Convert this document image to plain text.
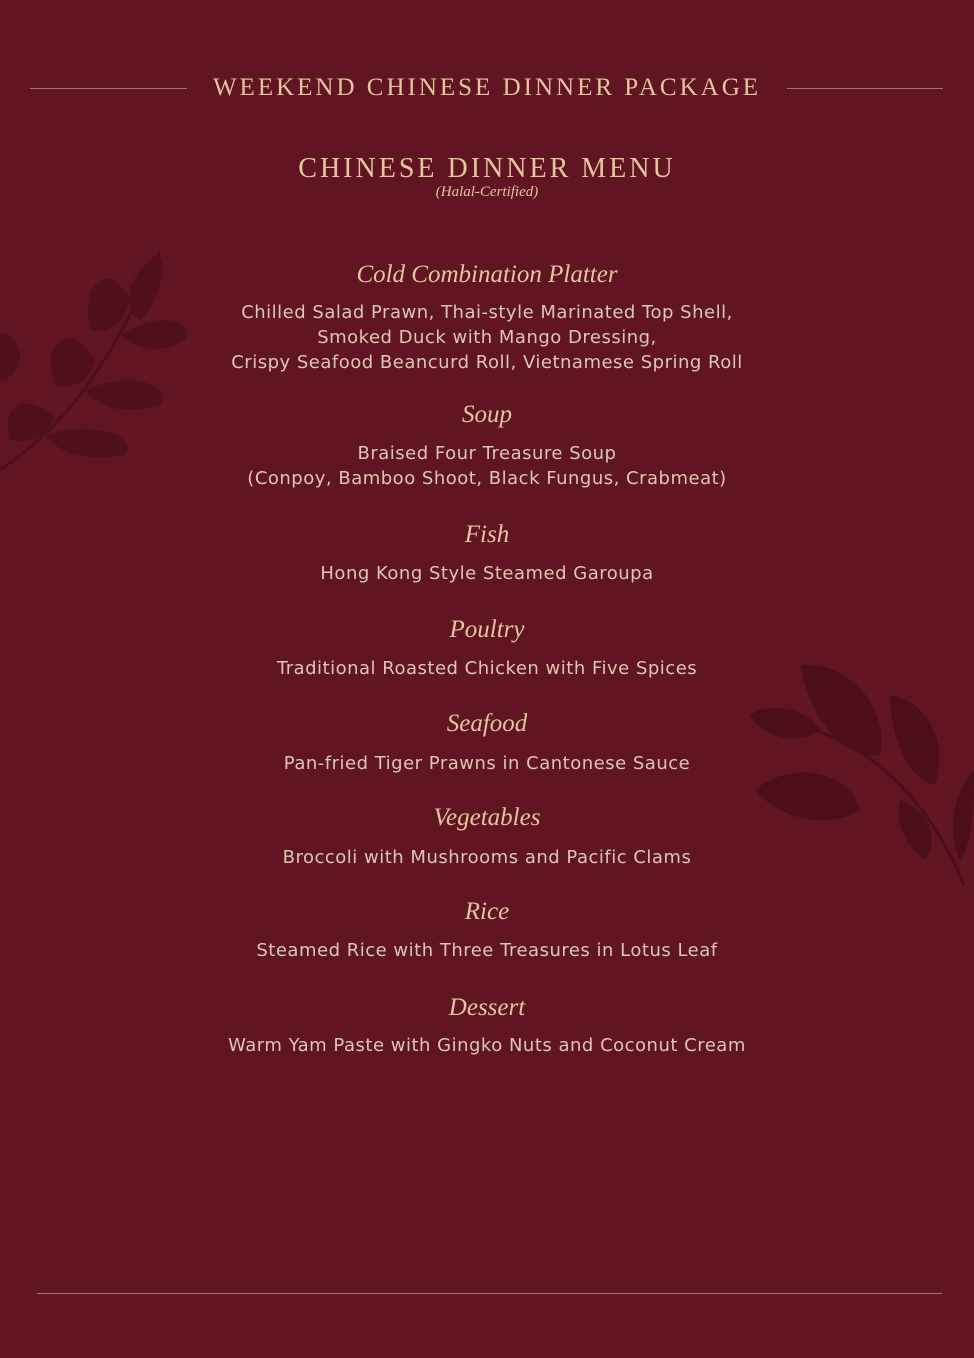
WEEKEND CHINESE DINNER PACKAGE
CHINESE DINNER MENU
(Halal-Certified)
Cold Combination Platter
Chilled Salad Prawn, Thai-style Marinated Top Shell,
Smoked Duck with Mango Dressing,
Crispy Seafood Beancurd Roll, Vietnamese Spring Roll
Soup
Braised Four Treasure Soup
(Conpoy, Bamboo Shoot, Black Fungus, Crabmeat)
Fish
Hong Kong Style Steamed Garoupa
Poultry
Traditional Roasted Chicken with Five Spices
Seafood
Pan-fried Tiger Prawns in Cantonese Sauce
Vegetables
Broccoli with Mushrooms and Pacific Clams
Rice
Steamed Rice with Three Treasures in Lotus Leaf
Dessert
Warm Yam Paste with Gingko Nuts and Coconut Cream
